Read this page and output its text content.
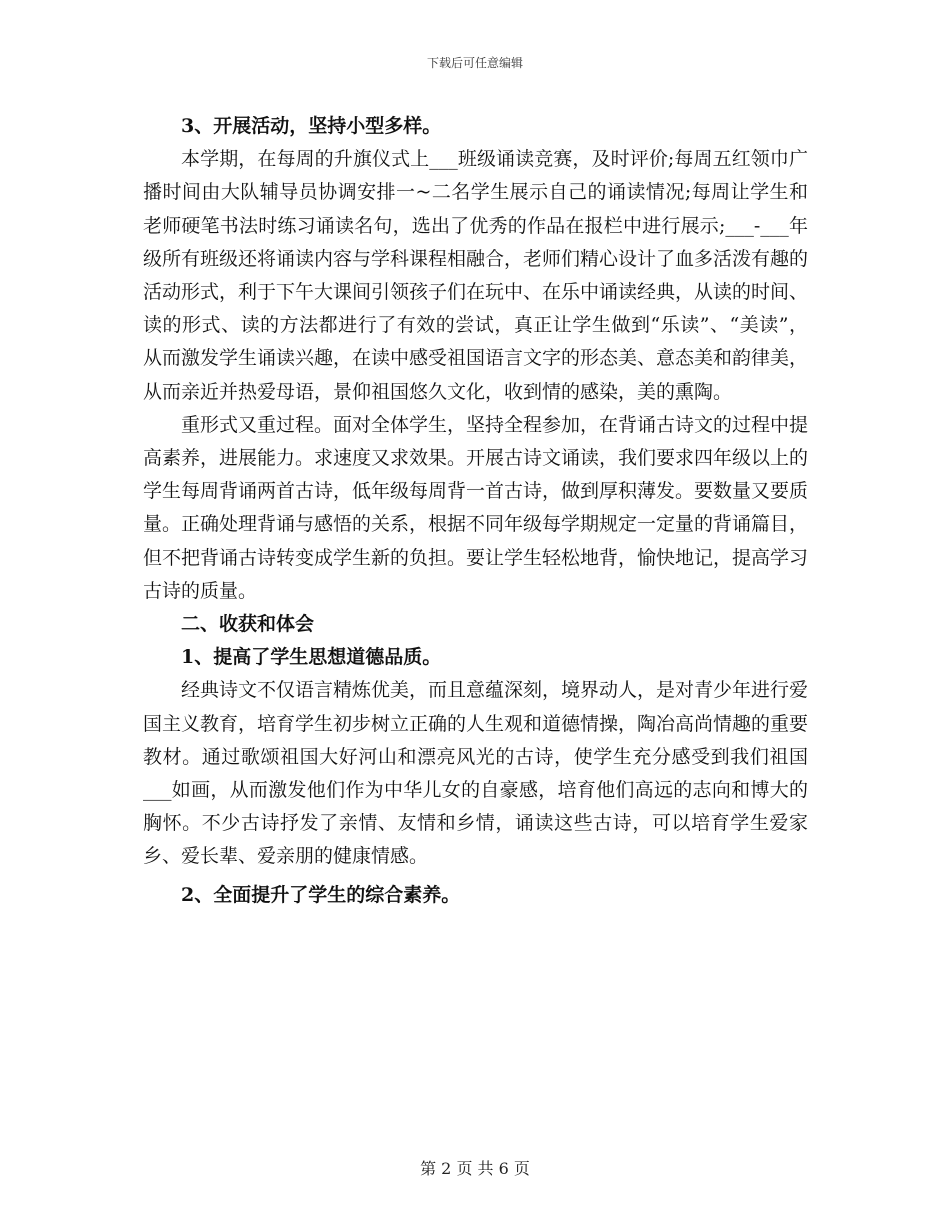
下载后可任意编辑

3、开展活动，坚持小型多样。

本学期，在每周的升旗仪式上___班级诵读竞赛，及时评价;每周五红领巾广播时间由大队辅导员协调安排一~二名学生展示自己的诵读情况;每周让学生和老师硬笔书法时练习诵读名句，选出了优秀的作品在报栏中进行展示;___-___年级所有班级还将诵读内容与学科课程相融合，老师们精心设计了血多活泼有趣的活动形式，利于下午大课间引领孩子们在玩中、在乐中诵读经典，从读的时间、读的形式、读的方法都进行了有效的尝试，真正让学生做到“乐读”、“美读”，从而激发学生诵读兴趣，在读中感受祖国语言文字的形态美、意态美和韵律美，从而亲近并热爱母语，景仰祖国悠久文化，收到情的感染，美的熏陶。

重形式又重过程。面对全体学生，坚持全程参加，在背诵古诗文的过程中提高素养，进展能力。求速度又求效果。开展古诗文诵读，我们要求四年级以上的学生每周背诵两首古诗，低年级每周背一首古诗，做到厚积薄发。要数量又要质量。正确处理背诵与感悟的关系，根据不同年级每学期规定一定量的背诵篇目，但不把背诵古诗转变成学生新的负担。要让学生轻松地背，愉快地记，提高学习古诗的质量。

二、收获和体会

1、提高了学生思想道德品质。

经典诗文不仅语言精炼优美，而且意蕴深刻，境界动人，是对青少年进行爱国主义教育，培育学生初步树立正确的人生观和道德情操，陶冶高尚情趣的重要教材。通过歌颂祖国大好河山和漂亮风光的古诗，使学生充分感受到我们祖国___如画，从而激发他们作为中华儿女的自豪感，培育他们高远的志向和博大的胸怀。不少古诗抒发了亲情、友情和乡情，诵读这些古诗，可以培育学生爱家乡、爱长辈、爱亲朋的健康情感。

2、全面提升了学生的综合素养。

第 2 页 共 6 页
